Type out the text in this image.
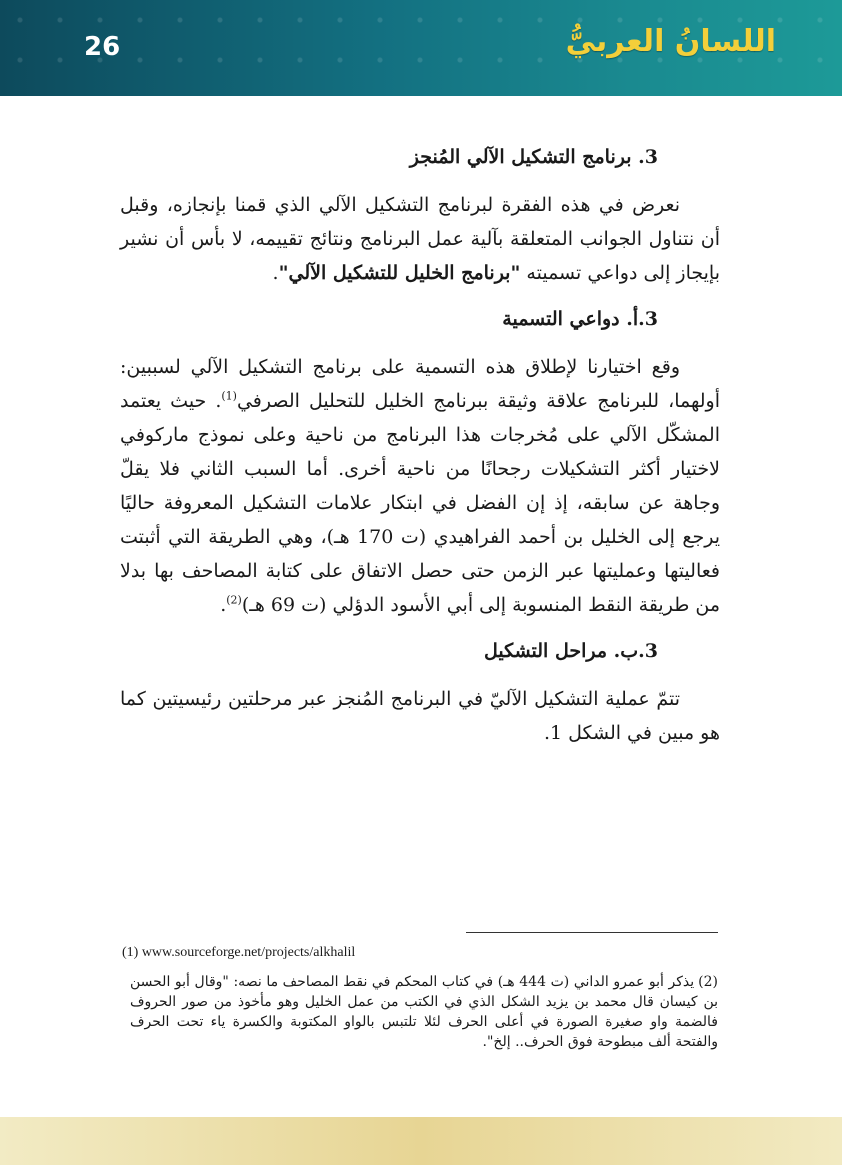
26	اللسانُ العربيُّ

3. برنامج التشكيل الآلي المُنجز

نعرض في هذه الفقرة لبرنامج التشكيل الآلي الذي قمنا بإنجازه، وقبل أن نتناول الجوانب المتعلقة بآلية عمل البرنامج ونتائج تقييمه، لا بأس أن نشير بإيجاز إلى دواعي تسميته "برنامج الخليل للتشكيل الآلي".

3.أ. دواعي التسمية

وقع اختيارنا لإطلاق هذه التسمية على برنامج التشكيل الآلي لسببين: أولهما، للبرنامج علاقة وثيقة ببرنامج الخليل للتحليل الصرفي$^{(1)}$. حيث يعتمد المشكّل الآلي على مُخرجات هذا البرنامج من ناحية وعلى نموذج ماركوفي لاختيار أكثر التشكيلات رجحانًا من ناحية أخرى. أما السبب الثاني فلا يقلّ وجاهة عن سابقه، إذ إن الفضل في ابتكار علامات التشكيل المعروفة حاليًا يرجع إلى الخليل بن أحمد الفراهيدي (ت 170 هـ)، وهي الطريقة التي أثبتت فعاليتها وعمليتها عبر الزمن حتى حصل الاتفاق على كتابة المصاحف بها بدلا من طريقة النقط المنسوبة إلى أبي الأسود الدؤلي (ت 69 هـ)$^{(2)}$.

3.ب. مراحل التشكيل

تتمّ عملية التشكيل الآليّ في البرنامج المُنجز عبر مرحلتين رئيسيتين كما هو مبين في الشكل 1.

(1) www.sourceforge.net/projects/alkhalil
(2)يذكر أبو عمرو الداني (ت 444 هـ) في كتاب المحكم في نقط المصاحف ما نصه: "وقال أبو الحسن بن كيسان قال محمد بن يزيد الشكل الذي في الكتب من عمل الخليل وهو مأخوذ من صور الحروف فالضمة واو صغيرة الصورة في أعلى الحرف لئلا تلتبس بالواو المكتوبة والكسرة ياء تحت الحرف والفتحة ألف مبطوحة فوق الحرف.. إلخ".
